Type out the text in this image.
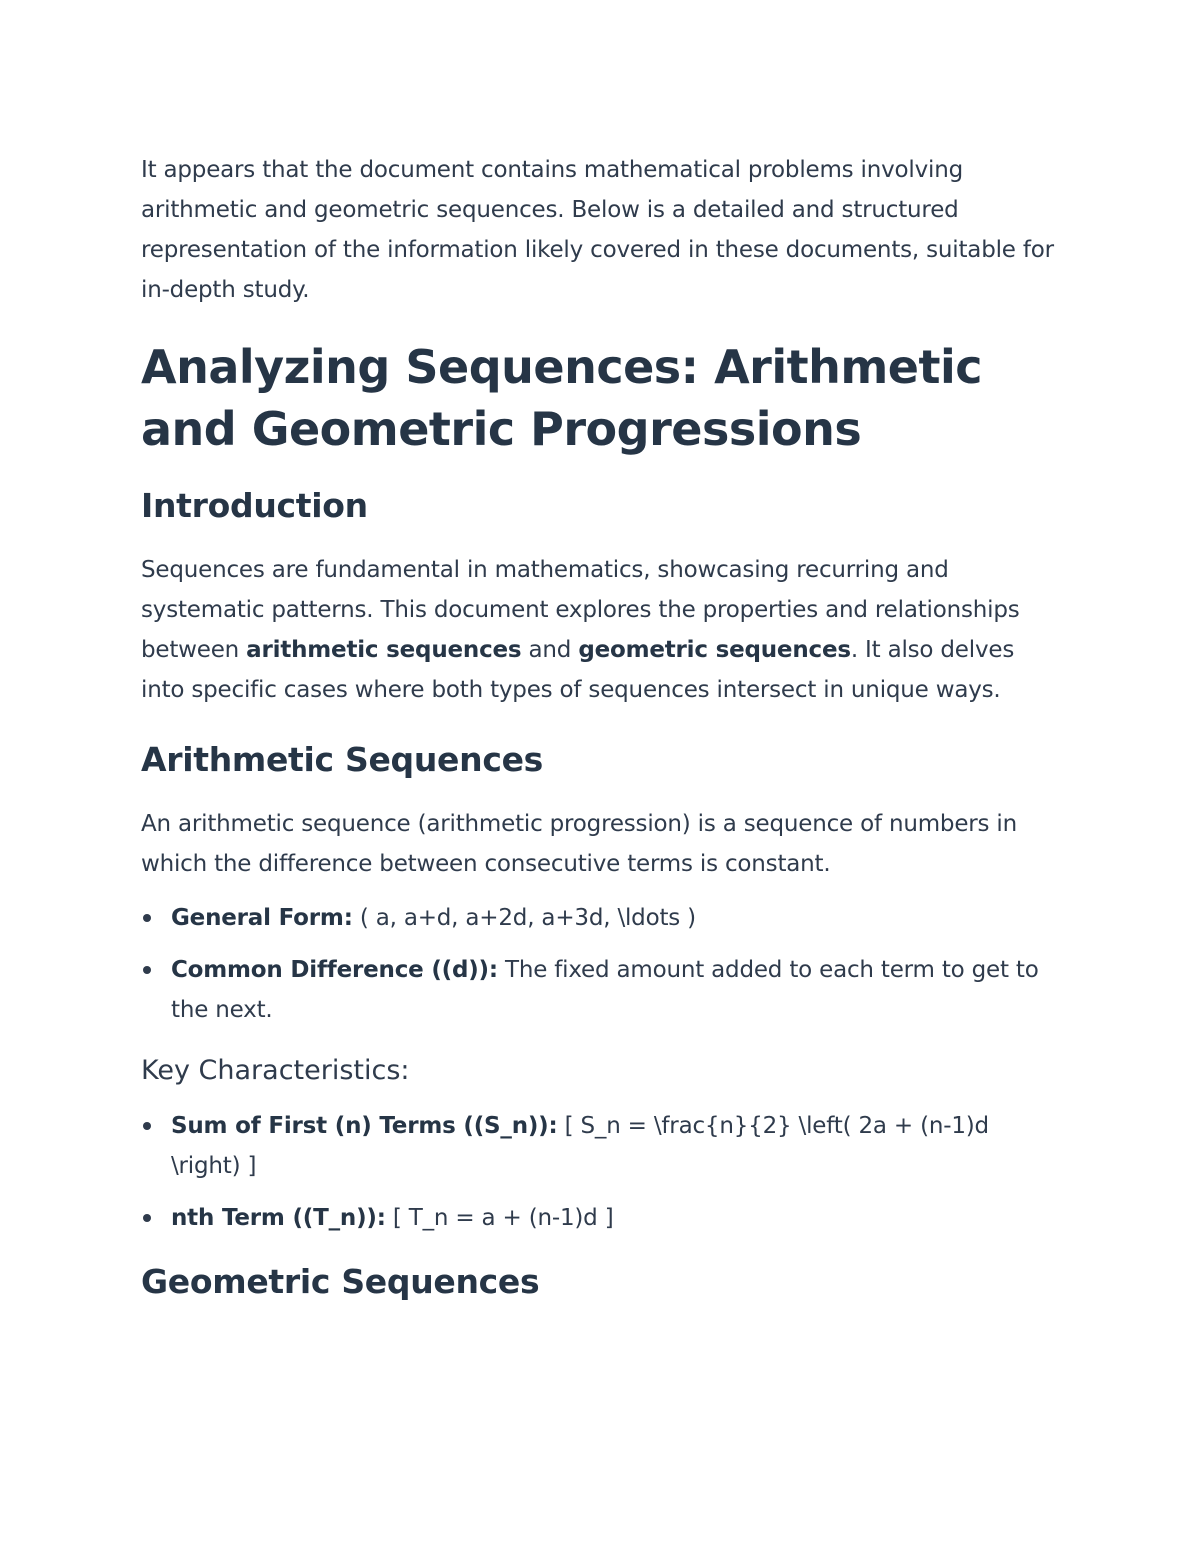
It appears that the document contains mathematical problems involving arithmetic and geometric sequences. Below is a detailed and structured representation of the information likely covered in these documents, suitable for in-depth study.

Analyzing Sequences: Arithmetic and Geometric Progressions
Introduction

Sequences are fundamental in mathematics, showcasing recurring and systematic patterns. This document explores the properties and relationships between arithmetic sequences and geometric sequences. It also delves into specific cases where both types of sequences intersect in unique ways.

Arithmetic Sequences

An arithmetic sequence (arithmetic progression) is a sequence of numbers in which the difference between consecutive terms is constant.

General Form: ( a, a+d, a+2d, a+3d, \ldots )
Common Difference ((d)): The fixed amount added to each term to get to the next.
Key Characteristics:
Sum of First (n) Terms ((S_n)): [ S_n = \frac{n}{2} \left( 2a + (n-1)d \right) ]
nth Term ((T_n)): [ T_n = a + (n-1)d ]
Geometric Sequences
